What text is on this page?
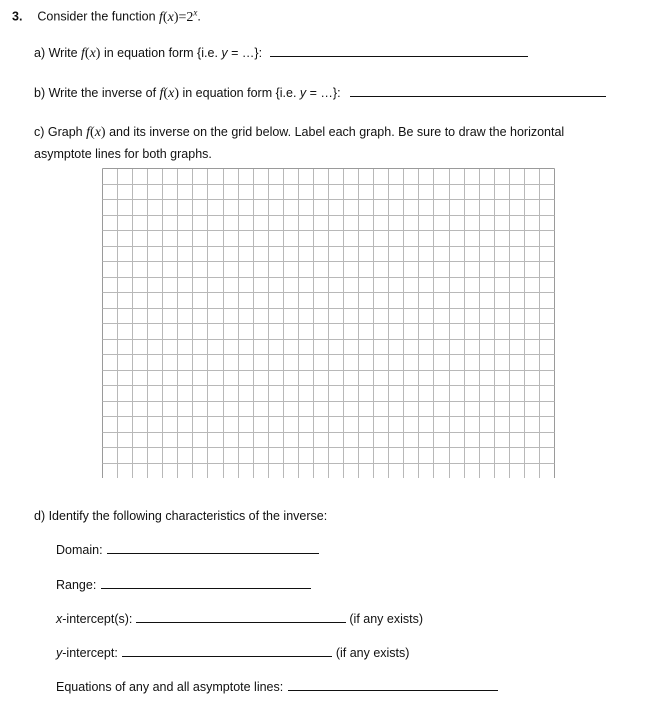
3. Consider the function $f(x)=2^x$.
a) Write f(x) in equation form {i.e. y = …}:
b) Write the inverse of f(x) in equation form {i.e. y = …}:
c) Graph f(x) and its inverse on the grid below. Label each graph. Be sure to draw the horizontal
asymptote lines for both graphs.
d) Identify the following characteristics of the inverse:
Domain:
Range:
x-intercept(s):	(if any exists)
y-intercept:	(if any exists)
Equations of any and all asymptote lines:
